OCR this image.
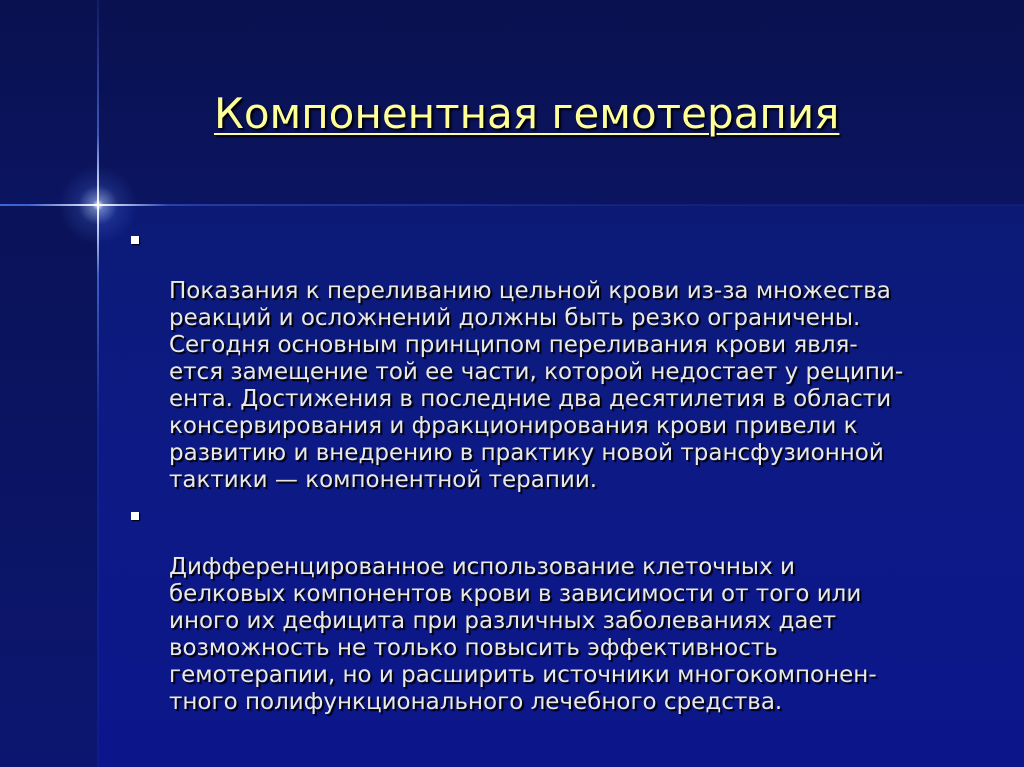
Компонентная гемотерапия

Показания к переливанию цельной крови из-за множества
реакций и осложнений должны быть резко ограничены.
Сегодня основным принципом переливания крови явля-
ется замещение той ее части, которой недостает у реципи-
ента. Достижения в последние два десятилетия в области
консервирования и фракционирования крови привели к
развитию и внедрению в практику новой трансфузионной
тактики — компонентной терапии.

Дифференцированное использование клеточных и
белковых компонентов крови в зависимости от того или
иного их дефицита при различных заболеваниях дает
возможность не только повысить эффективность
гемотерапии, но и расширить источники многокомпонен-
тного полифункционального лечебного средства.
